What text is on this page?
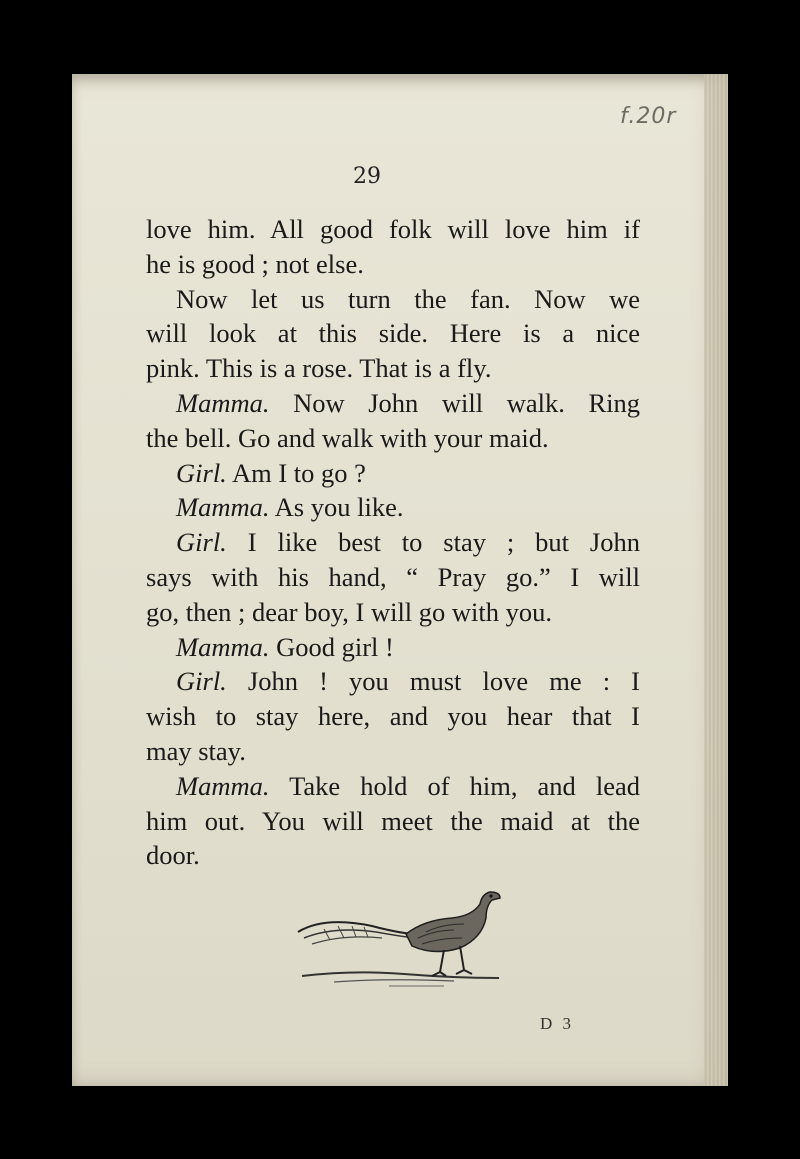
f.20r
29
love him. All good folk will love him if
he is good ; not else.
Now let us turn the fan. Now we
will look at this side. Here is a nice
pink. This is a rose. That is a fly.
Mamma. Now John will walk. Ring
the bell. Go and walk with your maid.
Girl. Am I to go ?
Mamma. As you like.
Girl. I like best to stay ; but John
says with his hand, “ Pray go.” I will
go, then ; dear boy, I will go with you.
Mamma. Good girl !
Girl. John ! you must love me : I
wish to stay here, and you hear that I
may stay.
Mamma. Take hold of him, and lead
him out. You will meet the maid at the
door.
D 3
